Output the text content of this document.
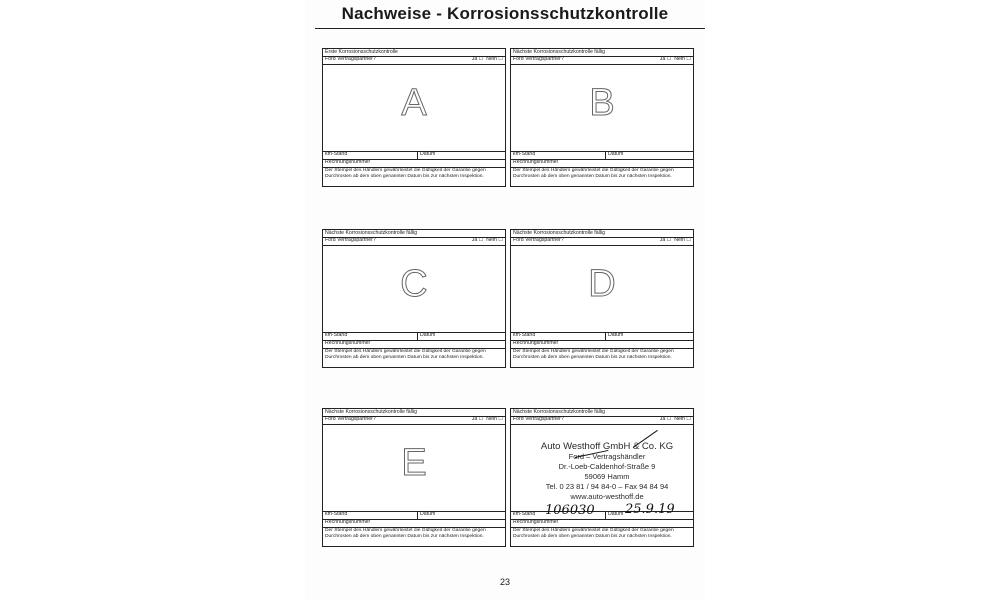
Nachweise - Korrosionsschutzkontrolle
Erste Korrosionsschutzkontrolle
Ford Vertragspartner?	Ja ☐ Nein ☐
A
km-Stand	Datum
Rechnungsnummer
Der Stempel des Händlers gewährleistet die Gültigkeit der Garantie gegen Durchrosten ab dem oben genannten Datum bis zur nächsten Inspektion.
Nächste Korrosionsschutzkontrolle fällig
Ford Vertragspartner?	Ja ☐ Nein ☐
B
km-Stand	Datum
Rechnungsnummer
Der Stempel des Händlers gewährleistet die Gültigkeit der Garantie gegen Durchrosten ab dem oben genannten Datum bis zur nächsten Inspektion.
Nächste Korrosionsschutzkontrolle fällig
Ford Vertragspartner?	Ja ☐ Nein ☐
C
km-Stand	Datum
Rechnungsnummer
Der Stempel des Händlers gewährleistet die Gültigkeit der Garantie gegen Durchrosten ab dem oben genannten Datum bis zur nächsten Inspektion.
Nächste Korrosionsschutzkontrolle fällig
Ford Vertragspartner?	Ja ☐ Nein ☐
D
km-Stand	Datum
Rechnungsnummer
Der Stempel des Händlers gewährleistet die Gültigkeit der Garantie gegen Durchrosten ab dem oben genannten Datum bis zur nächsten Inspektion.
Nächste Korrosionsschutzkontrolle fällig
Ford Vertragspartner?	Ja ☐ Nein ☐
E
km-Stand	Datum
Rechnungsnummer
Der Stempel des Händlers gewährleistet die Gültigkeit der Garantie gegen Durchrosten ab dem oben genannten Datum bis zur nächsten Inspektion.
Nächste Korrosionsschutzkontrolle fällig
Ford Vertragspartner?	Ja ☐ Nein ☐
Auto Westhoff GmbH & Co. KG
Ford – Vertragshändler
Dr.-Loeb-Caldenhof-Straße 9
59069 Hamm
Tel. 0 23 81 / 94 84-0 – Fax 94 84 94
www.auto-westhoff.de
km-Stand	Datum
106030 25.9.19
Rechnungsnummer
Der Stempel des Händlers gewährleistet die Gültigkeit der Garantie gegen Durchrosten ab dem oben genannten Datum bis zur nächsten Inspektion.
23
